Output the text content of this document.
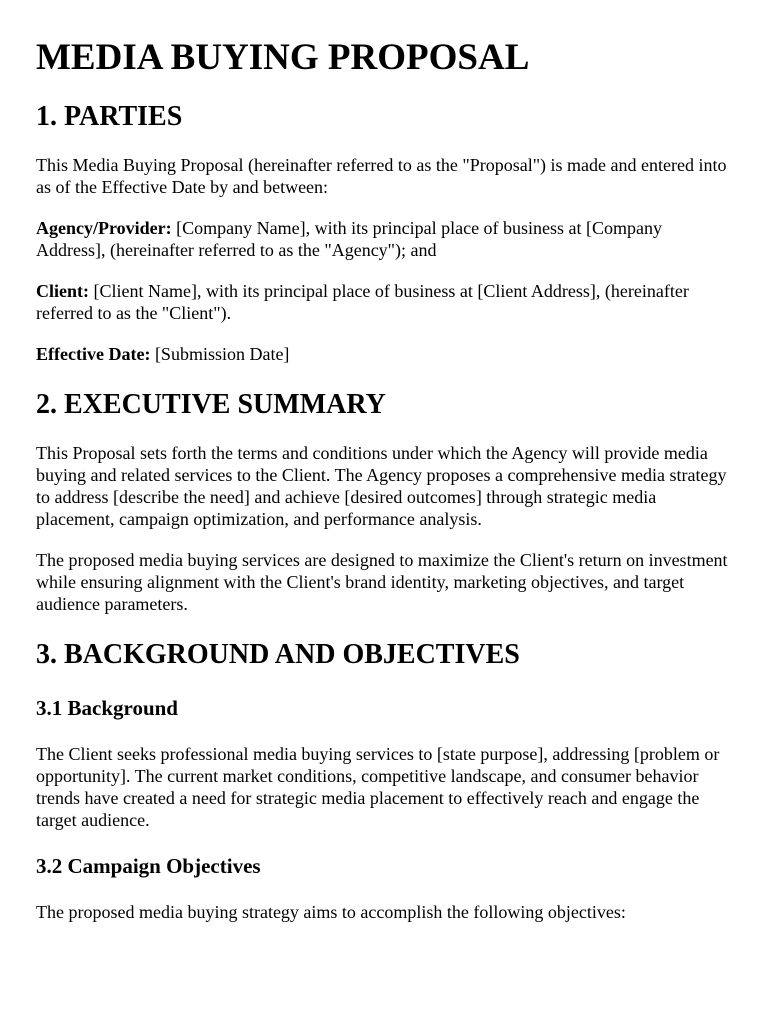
MEDIA BUYING PROPOSAL
1. PARTIES

This Media Buying Proposal (hereinafter referred to as the "Proposal") is made and entered into as of the Effective Date by and between:

Agency/Provider: [Company Name], with its principal place of business at [Company Address], (hereinafter referred to as the "Agency"); and

Client: [Client Name], with its principal place of business at [Client Address], (hereinafter referred to as the "Client").

Effective Date: [Submission Date]

2. EXECUTIVE SUMMARY

This Proposal sets forth the terms and conditions under which the Agency will provide media buying and related services to the Client. The Agency proposes a comprehensive media strategy to address [describe the need] and achieve [desired outcomes] through strategic media placement, campaign optimization, and performance analysis.

The proposed media buying services are designed to maximize the Client's return on investment while ensuring alignment with the Client's brand identity, marketing objectives, and target audience parameters.

3. BACKGROUND AND OBJECTIVES
3.1 Background

The Client seeks professional media buying services to [state purpose], addressing [problem or opportunity]. The current market conditions, competitive landscape, and consumer behavior trends have created a need for strategic media placement to effectively reach and engage the target audience.

3.2 Campaign Objectives

The proposed media buying strategy aims to accomplish the following objectives:
